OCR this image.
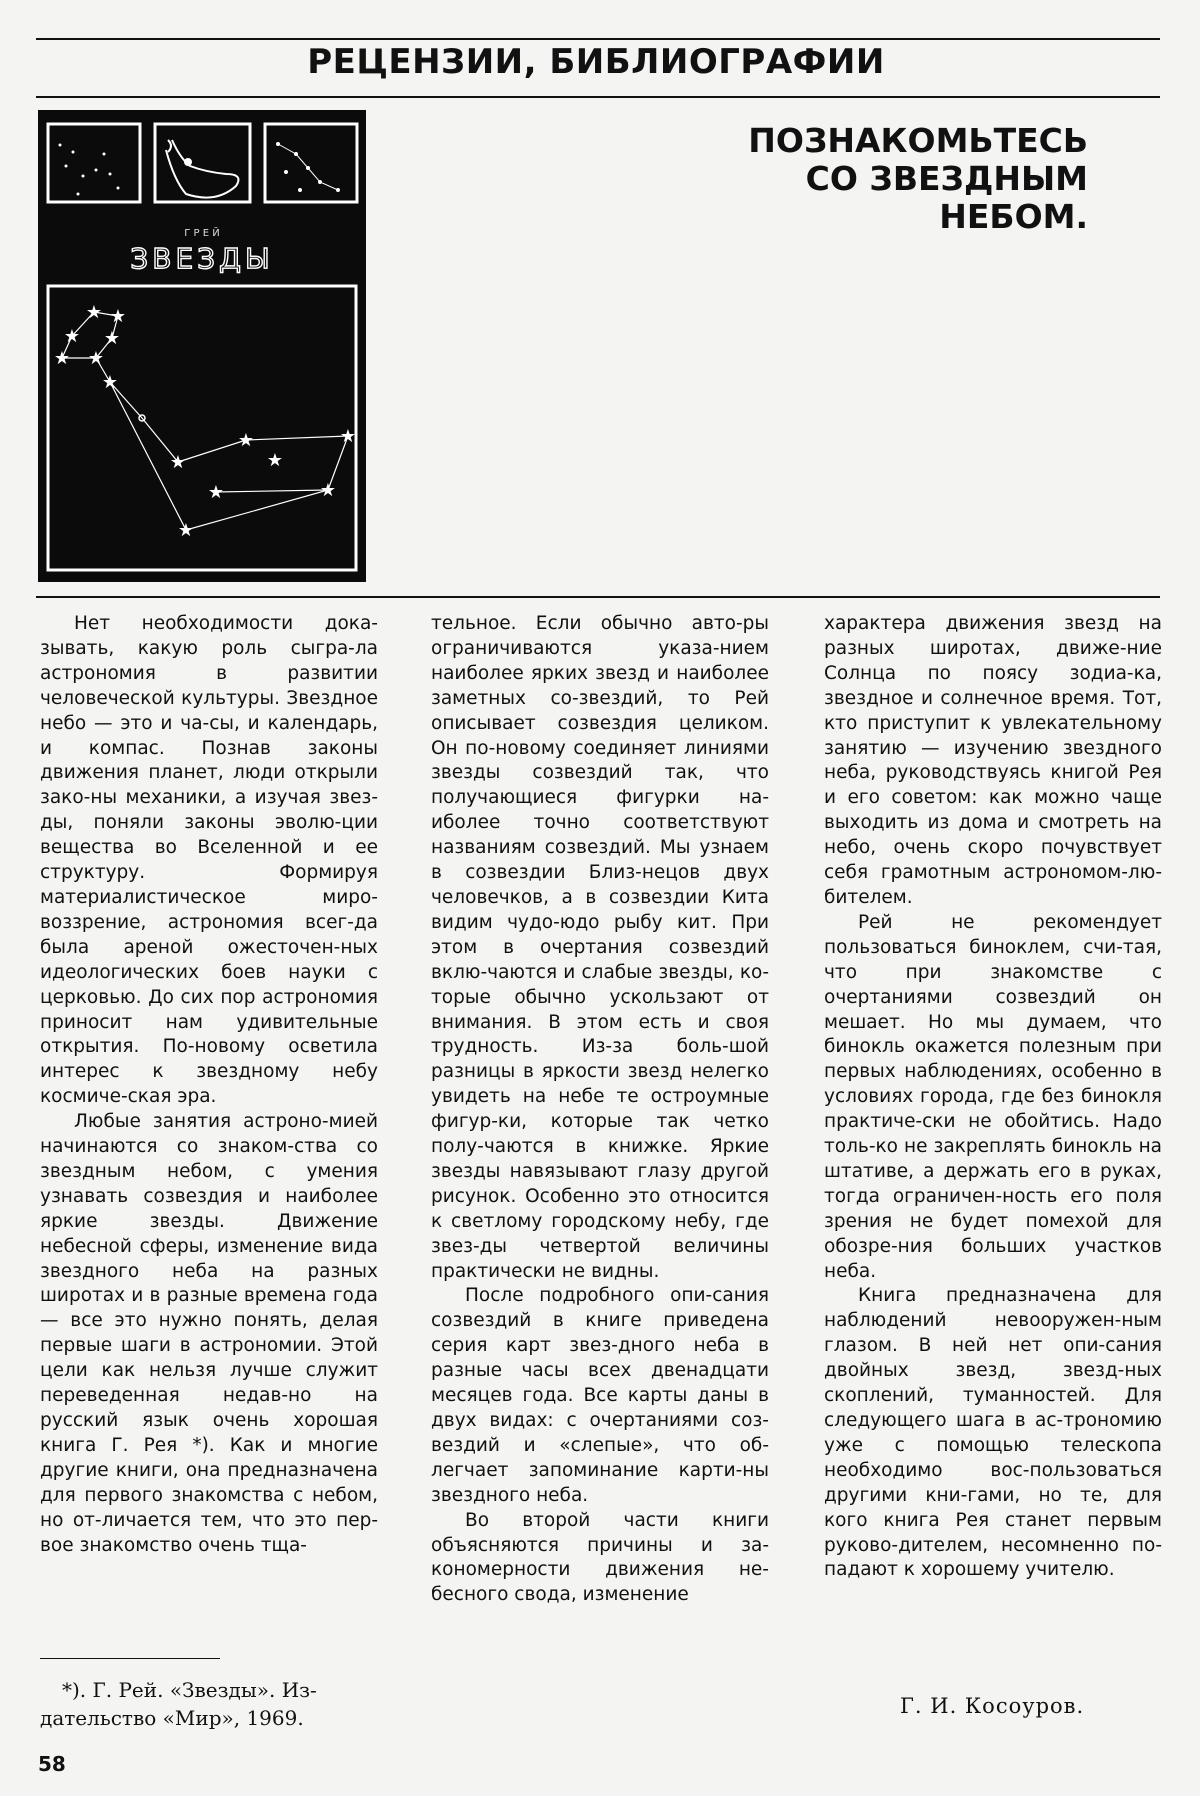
РЕЦЕНЗИИ, БИБЛИОГРАФИИ
Г Р Е Й
ЗВЕЗДЫ
★ ★
★ ★
★ ★
★
★
★	★
★
★	★
★
ПОЗНАКОМЬТЕСЬ
СО ЗВЕЗДНЫМ
НЕБОМ.

Нет необходимости дока-зывать, какую роль сыгра-ла астрономия в развитии человеческой культуры. Звездное небо — это и ча-сы, и календарь, и компас. Познав законы движения планет, люди открыли зако-ны механики, а изучая звез-ды, поняли законы эволю-ции вещества во Вселенной и ее структуру. Формируя материалистическое миро-воззрение, астрономия всег-да была ареной ожесточен-ных идеологических боев науки с церковью. До сих пор астрономия приносит нам удивительные открытия. По-новому осветила интерес к звездному небу космиче-ская эра.

Любые занятия астроно-мией начинаются со знаком-ства со звездным небом, с умения узнавать созвездия и наиболее яркие звезды. Движение небесной сферы, изменение вида звездного неба на разных широтах и в разные времена года — все это нужно понять, делая первые шаги в астрономии. Этой цели как нельзя лучше служит переведенная недав-но на русский язык очень хорошая книга Г. Рея *). Как и многие другие книги, она предназначена для первого знакомства с небом, но от-личается тем, что это пер-вое знакомство очень тща-

тельное. Если обычно авто-ры ограничиваются указа-нием наиболее ярких звезд и наиболее заметных со-звездий, то Рей описывает созвездия целиком. Он по-новому соединяет линиями звезды созвездий так, что получающиеся фигурки на-иболее точно соответствуют названиям созвездий. Мы узнаем в созвездии Близ-нецов двух человечков, а в созвездии Кита видим чудо-юдо рыбу кит. При этом в очертания созвездий вклю-чаются и слабые звезды, ко-торые обычно ускользают от внимания. В этом есть и своя трудность. Из-за боль-шой разницы в яркости звезд нелегко увидеть на небе те остроумные фигур-ки, которые так четко полу-чаются в книжке. Яркие звезды навязывают глазу другой рисунок. Особенно это относится к светлому городскому небу, где звез-ды четвертой величины практически не видны.

После подробного опи-сания созвездий в книге приведена серия карт звез-дного неба в разные часы всех двенадцати месяцев года. Все карты даны в двух видах: с очертаниями соз-вездий и «слепые», что об-легчает запоминание карти-ны звездного неба.

Во второй части книги объясняются причины и за-кономерности движения не-бесного свода, изменение

характера движения звезд на разных широтах, движе-ние Солнца по поясу зодиа-ка, звездное и солнечное время. Тот, кто приступит к увлекательному занятию — изучению звездного неба, руководствуясь книгой Рея и его советом: как можно чаще выходить из дома и смотреть на небо, очень скоро почувствует себя грамотным астрономом-лю-бителем.

Рей не рекомендует пользоваться биноклем, счи-тая, что при знакомстве с очертаниями созвездий он мешает. Но мы думаем, что бинокль окажется полезным при первых наблюдениях, особенно в условиях города, где без бинокля практиче-ски не обойтись. Надо толь-ко не закреплять бинокль на штативе, а держать его в руках, тогда ограничен-ность его поля зрения не будет помехой для обозре-ния больших участков неба.

Книга предназначена для наблюдений невооружен-ным глазом. В ней нет опи-сания двойных звезд, звезд-ных скоплений, туманностей. Для следующего шага в ас-трономию уже с помощью телескопа необходимо вос-пользоваться другими кни-гами, но те, для кого книга Рея станет первым руково-дителем, несомненно по-падают к хорошему учителю.

Г. И. Косоуров.
*). Г. Рей. «Звезды». Из-
дательство «Мир», 1969.
58
